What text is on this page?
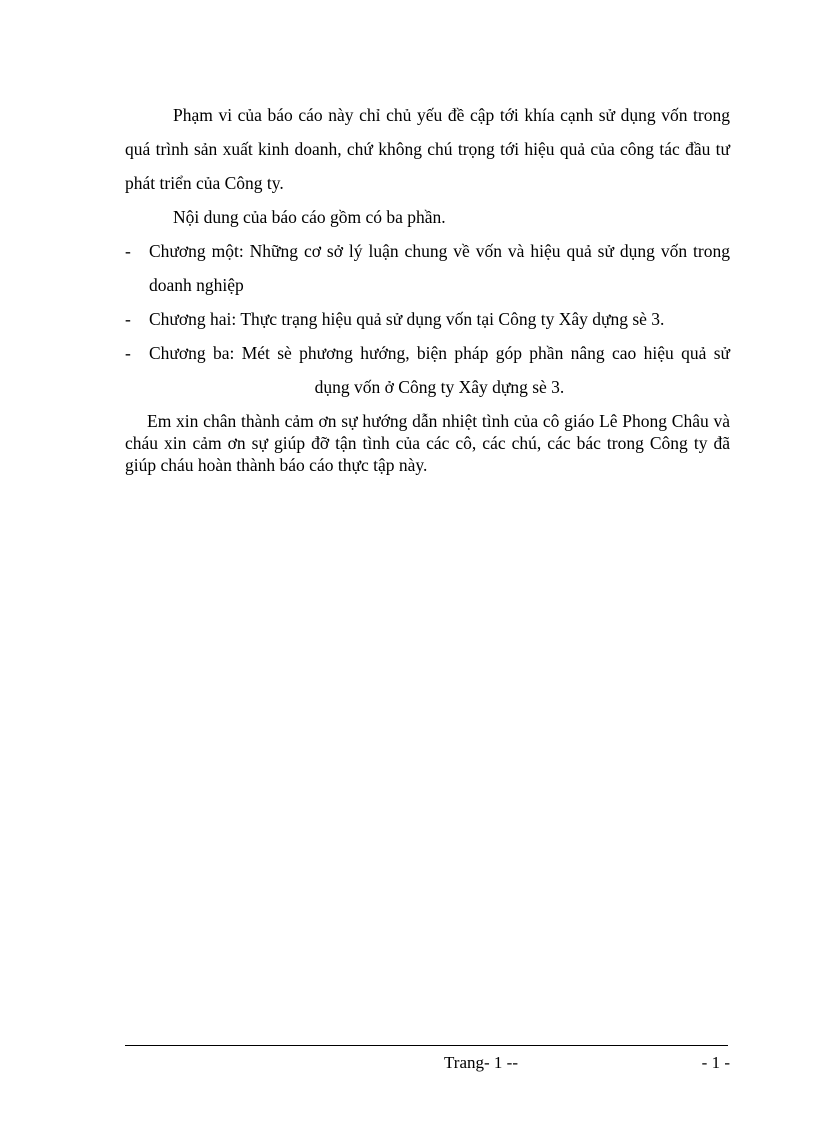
Phạm vi của báo cáo này chỉ chủ yếu đề cập tới khía cạnh sử dụng vốn trong quá trình sản xuất kinh doanh, chứ không chú trọng tới hiệu quả của công tác đầu tư phát triển của Công ty.

Nội dung của báo cáo gồm có ba phần.

- Chương một: Những cơ sở lý luận chung về vốn và hiệu quả sử dụng vốn trong doanh nghiệp
- Chương hai: Thực trạng hiệu quả sử dụng vốn tại Công ty Xây dựng sè 3.
- Chương ba: Mét sè phương hướng, biện pháp góp phần nâng cao hiệu quả sử
dụng vốn ở Công ty Xây dựng sè 3.

Em xin chân thành cảm ơn sự hướng dẫn nhiệt tình của cô giáo Lê Phong Châu và cháu xin cảm ơn sự giúp đỡ tận tình của các cô, các chú, các bác trong Công ty đã giúp cháu hoàn thành báo cáo thực tập này.

Trang- 1 --	- 1 -
